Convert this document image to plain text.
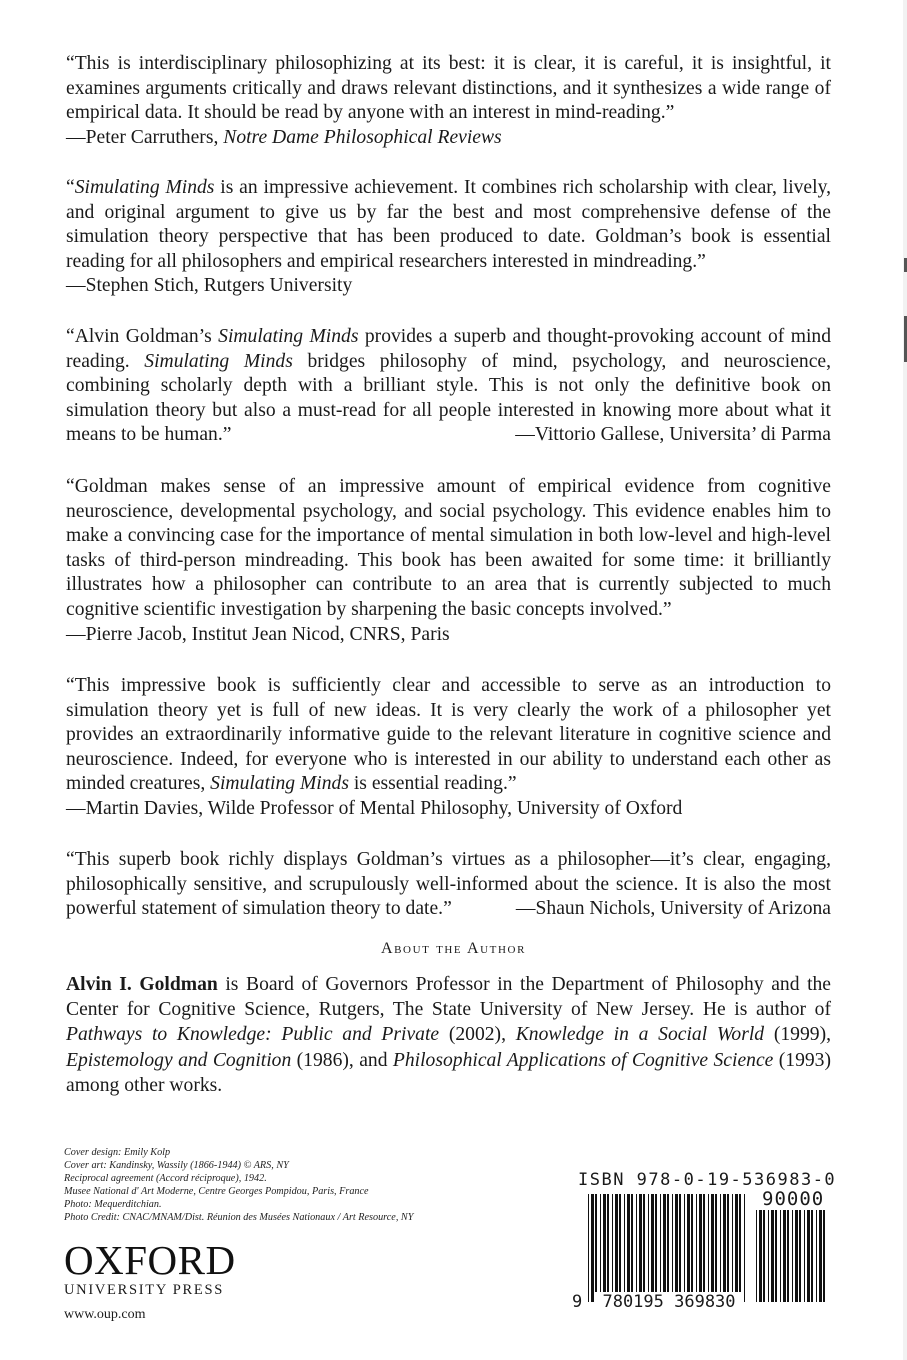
“This is interdisciplinary philosophizing at its best: it is clear, it is careful, it is insightful, it examines arguments critically and draws relevant distinctions, and it synthesizes a wide range of empirical data. It should be read by anyone with an interest in mind-reading.”

—Peter Carruthers, Notre Dame Philosophical Reviews

“Simulating Minds is an impressive achievement. It combines rich scholarship with clear, lively, and original argument to give us by far the best and most comprehensive defense of the simulation theory perspective that has been produced to date. Goldman’s book is essential reading for all philosophers and empirical researchers interested in mindreading.”

—Stephen Stich, Rutgers University

“Alvin Goldman’s Simulating Minds provides a superb and thought-provoking account of mind reading. Simulating Minds bridges philosophy of mind, psychology, and neuroscience, combining scholarly depth with a brilliant style. This is not only the definitive book on simulation theory but also a must-read for all people interested in knowing more about what it means to be human.”	—Vittorio Gallese, Universita’ di Parma

“Goldman makes sense of an impressive amount of empirical evidence from cognitive neuroscience, developmental psychology, and social psychology. This evidence enables him to make a convincing case for the importance of mental simulation in both low-level and high-level tasks of third-person mindreading. This book has been awaited for some time: it brilliantly illustrates how a philosopher can contribute to an area that is currently subjected to much cognitive scientific investigation by sharpening the basic concepts involved.”

—Pierre Jacob, Institut Jean Nicod, CNRS, Paris

“This impressive book is sufficiently clear and accessible to serve as an introduction to simulation theory yet is full of new ideas. It is very clearly the work of a philosopher yet provides an extraordinarily informative guide to the relevant literature in cognitive science and neuroscience. Indeed, for everyone who is interested in our ability to understand each other as minded creatures, Simulating Minds is essential reading.”

—Martin Davies, Wilde Professor of Mental Philosophy, University of Oxford

“This superb book richly displays Goldman’s virtues as a philosopher—it’s clear, engaging, philosophically sensitive, and scrupulously well-informed about the science. It is also the most powerful statement of simulation theory to date.”	—Shaun Nichols, University of Arizona

About the Author

Alvin I. Goldman is Board of Governors Professor in the Department of Philosophy and the Center for Cognitive Science, Rutgers, The State University of New Jersey. He is author of Pathways to Knowledge: Public and Private (2002), Knowledge in a Social World (1999), Epistemology and Cognition (1986), and Philosophical Applications of Cognitive Science (1993) among other works.

Cover design: Emily Kolp
Cover art: Kandinsky, Wassily (1866-1944) © ARS, NY
Reciprocal agreement (Accord réciproque), 1942.
Musee National d' Art Moderne, Centre Georges Pompidou, Paris, France
Photo: Mequerditchian.
Photo Credit: CNAC/MNAM/Dist. Réunion des Musées Nationaux / Art Resource, NY
OXFORD
UNIVERSITY PRESS
www.oup.com
ISBN 978-0-19-536983-0
90000
9	780195 369830
